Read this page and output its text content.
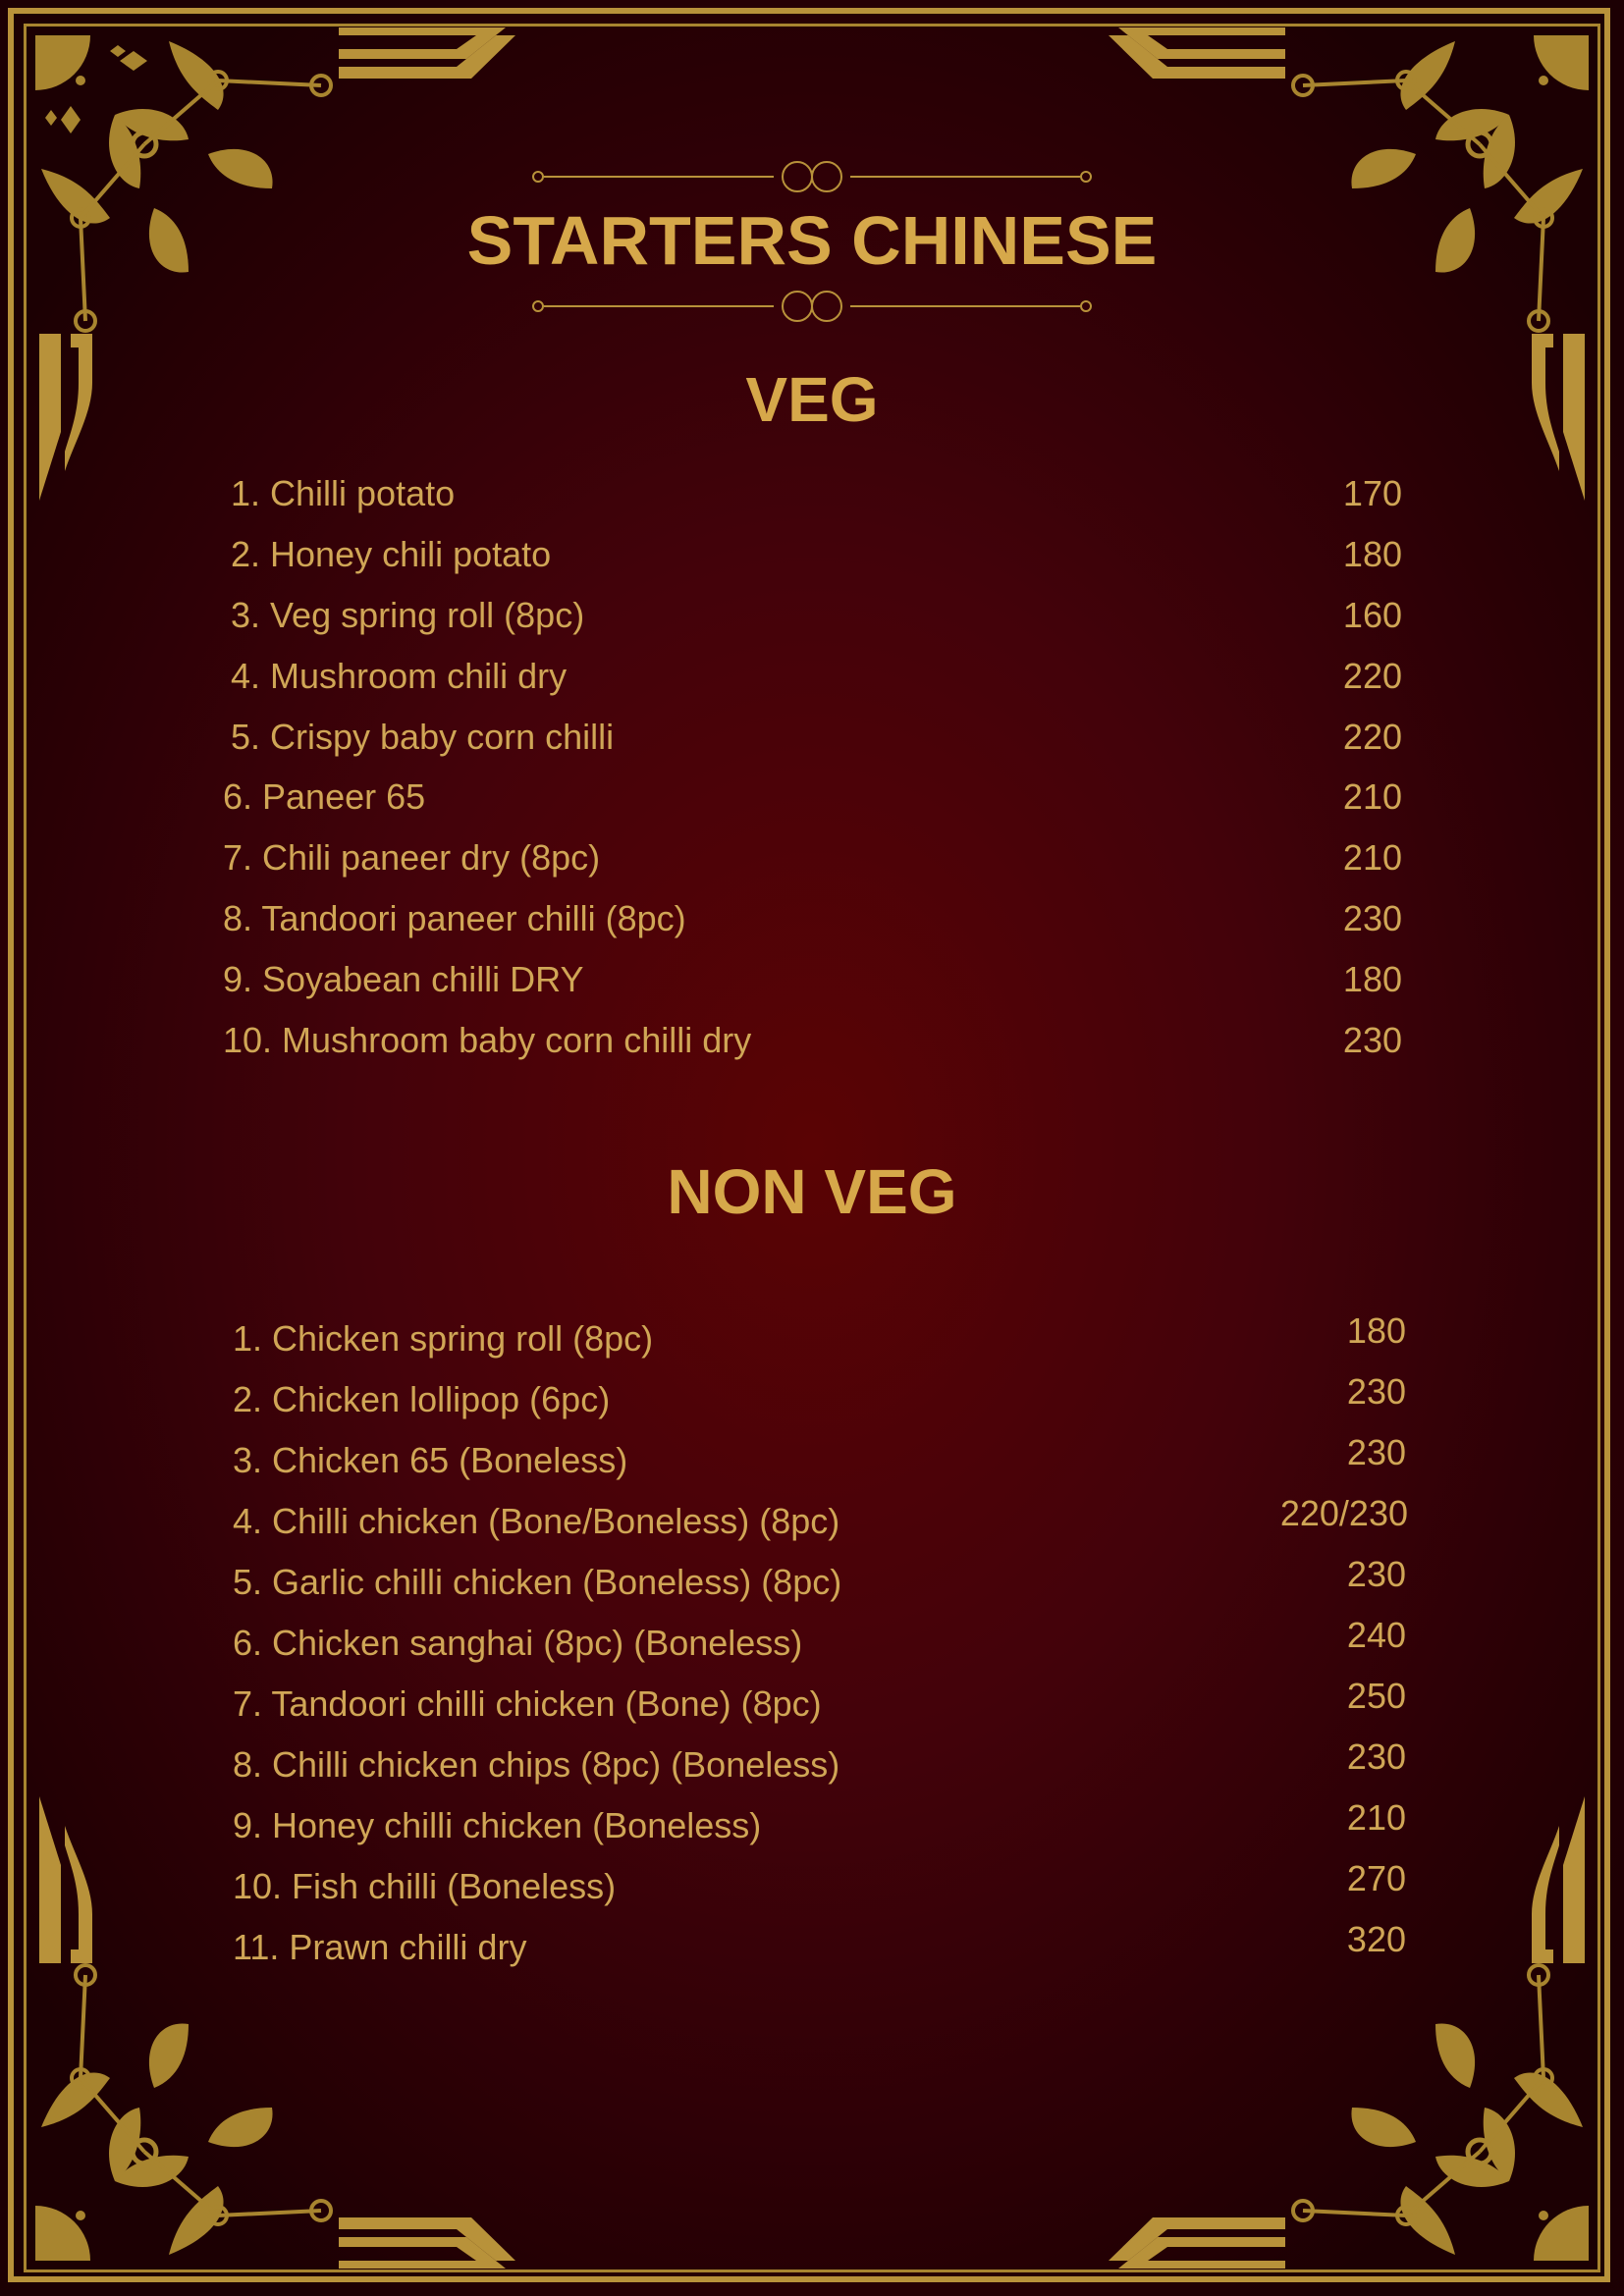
STARTERS CHINESE
VEG
NON VEG
1. Chilli potato	170
2. Honey chili potato	180
3. Veg spring roll (8pc)	160
4. Mushroom chili dry	220
5. Crispy baby corn chilli	220
6. Paneer 65	210
7. Chili paneer dry (8pc)	210
8. Tandoori paneer chilli (8pc)	230
9. Soyabean chilli DRY	180
10. Mushroom baby corn chilli dry	230
1. Chicken spring roll (8pc)	180
2. Chicken lollipop (6pc)	230
3. Chicken 65 (Boneless)	230
4. Chilli chicken (Bone/Boneless) (8pc)	220/230
5. Garlic chilli chicken (Boneless) (8pc)	230
6. Chicken sanghai (8pc) (Boneless)	240
7. Tandoori chilli chicken (Bone) (8pc)	250
8. Chilli chicken chips (8pc) (Boneless)	230
9. Honey chilli chicken (Boneless)	210
10. Fish chilli (Boneless)	270
11. Prawn chilli dry	320
